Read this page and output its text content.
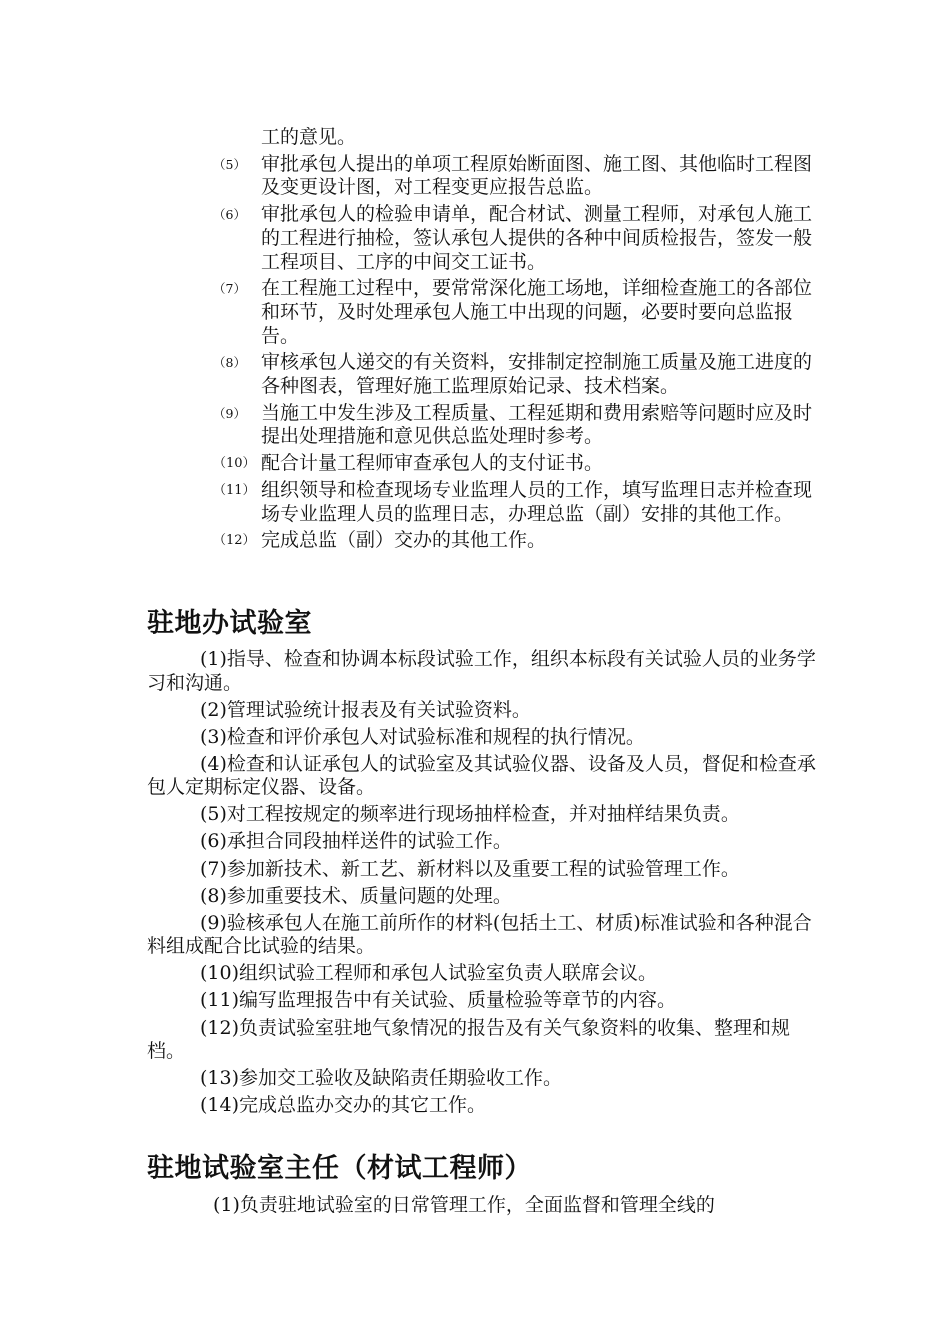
工的意见。
（5） 审批承包人提出的单项工程原始断面图、施工图、其他临时工程图及变更设计图，对工程变更应报告总监。
（6） 审批承包人的检验申请单，配合材试、测量工程师，对承包人施工的工程进行抽检，签认承包人提供的各种中间质检报告，签发一般工程项目、工序的中间交工证书。
（7） 在工程施工过程中，要常常深化施工场地，详细检查施工的各部位和环节，及时处理承包人施工中出现的问题，必要时要向总监报告。
（8） 审核承包人递交的有关资料，安排制定控制施工质量及施工进度的各种图表，管理好施工监理原始记录、技术档案。
（9） 当施工中发生涉及工程质量、工程延期和费用索赔等问题时应及时提出处理措施和意见供总监处理时参考。
（10） 配合计量工程师审查承包人的支付证书。
（11） 组织领导和检查现场专业监理人员的工作，填写监理日志并检查现场专业监理人员的监理日志，办理总监（副）安排的其他工作。
（12） 完成总监（副）交办的其他工作。
驻地办试验室
(1)指导、检查和协调本标段试验工作，组织本标段有关试验人员的业务学习和沟通。
(2)管理试验统计报表及有关试验资料。
(3)检查和评价承包人对试验标准和规程的执行情况。
(4)检查和认证承包人的试验室及其试验仪器、设备及人员，督促和检查承包人定期标定仪器、设备。
(5)对工程按规定的频率进行现场抽样检查，并对抽样结果负责。
(6)承担合同段抽样送件的试验工作。
(7)参加新技术、新工艺、新材料以及重要工程的试验管理工作。
(8)参加重要技术、质量问题的处理。
(9)验核承包人在施工前所作的材料(包括土工、材质)标准试验和各种混合料组成配合比试验的结果。
(10)组织试验工程师和承包人试验室负责人联席会议。
(11)编写监理报告中有关试验、质量检验等章节的内容。
(12)负责试验室驻地气象情况的报告及有关气象资料的收集、整理和规档。
(13)参加交工验收及缺陷责任期验收工作。
(14)完成总监办交办的其它工作。
驻地试验室主任（材试工程师）
(1)负责驻地试验室的日常管理工作，全面监督和管理全线的
